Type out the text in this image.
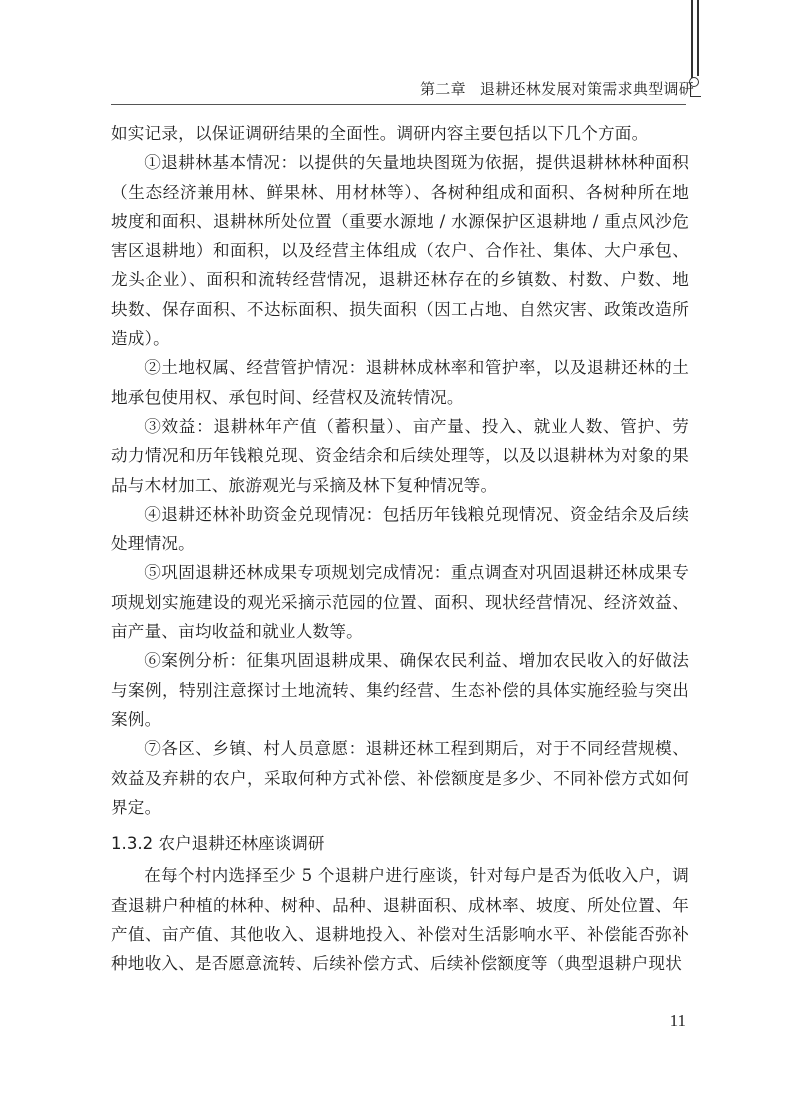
第二章 退耕还林发展对策需求典型调研

如实记录，以保证调研结果的全面性。调研内容主要包括以下几个方面。

①退耕林基本情况：以提供的矢量地块图斑为依据，提供退耕林林种面积（生态经济兼用林、鲜果林、用材林等）、各树种组成和面积、各树种所在地坡度和面积、退耕林所处位置（重要水源地 / 水源保护区退耕地 / 重点风沙危害区退耕地）和面积，以及经营主体组成（农户、合作社、集体、大户承包、龙头企业）、面积和流转经营情况，退耕还林存在的乡镇数、村数、户数、地块数、保存面积、不达标面积、损失面积（因工占地、自然灾害、政策改造所造成）。

②土地权属、经营管护情况：退耕林成林率和管护率，以及退耕还林的土地承包使用权、承包时间、经营权及流转情况。

③效益：退耕林年产值（蓄积量）、亩产量、投入、就业人数、管护、劳动力情况和历年钱粮兑现、资金结余和后续处理等，以及以退耕林为对象的果品与木材加工、旅游观光与采摘及林下复种情况等。

④退耕还林补助资金兑现情况：包括历年钱粮兑现情况、资金结余及后续处理情况。

⑤巩固退耕还林成果专项规划完成情况：重点调查对巩固退耕还林成果专项规划实施建设的观光采摘示范园的位置、面积、现状经营情况、经济效益、亩产量、亩均收益和就业人数等。

⑥案例分析：征集巩固退耕成果、确保农民利益、增加农民收入的好做法与案例，特别注意探讨土地流转、集约经营、生态补偿的具体实施经验与突出案例。

⑦各区、乡镇、村人员意愿：退耕还林工程到期后，对于不同经营规模、效益及弃耕的农户，采取何种方式补偿、补偿额度是多少、不同补偿方式如何界定。

1.3.2 农户退耕还林座谈调研

在每个村内选择至少 5 个退耕户进行座谈，针对每户是否为低收入户，调查退耕户种植的林种、树种、品种、退耕面积、成林率、坡度、所处位置、年产值、亩产值、其他收入、退耕地投入、补偿对生活影响水平、补偿能否弥补种地收入、是否愿意流转、后续补偿方式、后续补偿额度等（典型退耕户现状

11
